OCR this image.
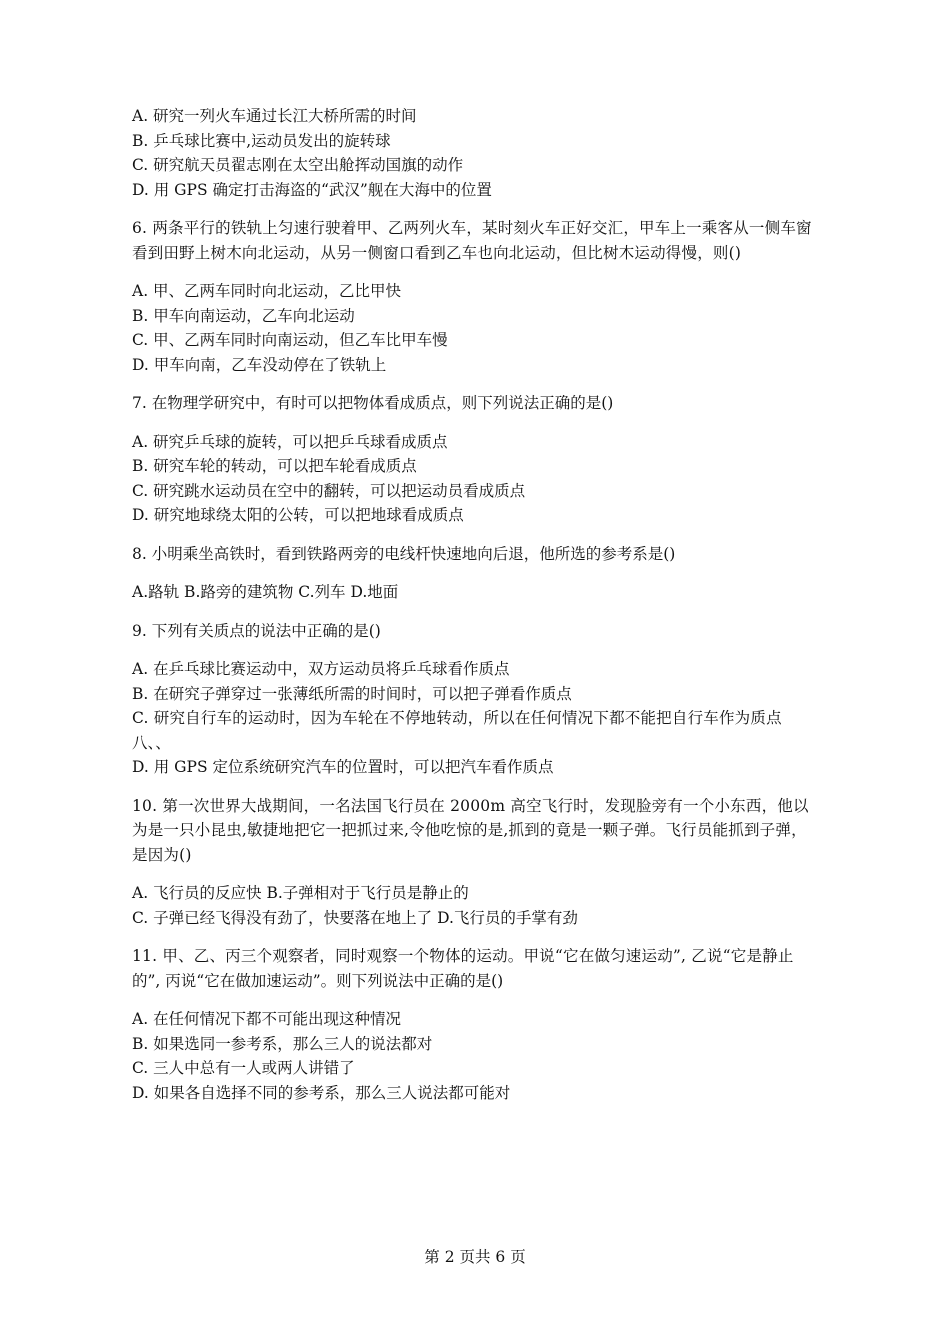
A. 研究一列火车通过长江大桥所需的时间
B. 乒乓球比赛中,运动员发出的旋转球
C. 研究航天员翟志刚在太空出舱挥动国旗的动作
D. 用 GPS 确定打击海盗的“武汉”舰在大海中的位置
6. 两条平行的铁轨上匀速行驶着甲、乙两列火车，某时刻火车正好交汇，甲车上一乘客从一侧车窗看到田野上树木向北运动，从另一侧窗口看到乙车也向北运动，但比树木运动得慢，则()
A. 甲、乙两车同时向北运动，乙比甲快
B. 甲车向南运动，乙车向北运动
C. 甲、乙两车同时向南运动，但乙车比甲车慢
D. 甲车向南，乙车没动停在了铁轨上
7. 在物理学研究中，有时可以把物体看成质点，则下列说法正确的是()
A. 研究乒乓球的旋转，可以把乒乓球看成质点
B. 研究车轮的转动，可以把车轮看成质点
C. 研究跳水运动员在空中的翻转，可以把运动员看成质点
D. 研究地球绕太阳的公转，可以把地球看成质点
8. 小明乘坐高铁时，看到铁路两旁的电线杆快速地向后退，他所选的参考系是()
A.路轨 B.路旁的建筑物 C.列车 D.地面
9. 下列有关质点的说法中正确的是()
A. 在乒乓球比赛运动中，双方运动员将乒乓球看作质点
B. 在研究子弹穿过一张薄纸所需的时间时，可以把子弹看作质点
C. 研究自行车的运动时，因为车轮在不停地转动，所以在任何情况下都不能把自行车作为质点
八、、
D. 用 GPS 定位系统研究汽车的位置时，可以把汽车看作质点
10. 第一次世界大战期间，一名法国飞行员在 2000m 高空飞行时，发现脸旁有一个小东西，他以为是一只小昆虫,敏捷地把它一把抓过来,令他吃惊的是,抓到的竟是一颗子弹。飞行员能抓到子弹，是因为()
A. 飞行员的反应快 B.子弹相对于飞行员是静止的
C. 子弹已经飞得没有劲了，快要落在地上了 D.飞行员的手掌有劲
11. 甲、乙、丙三个观察者，同时观察一个物体的运动。甲说“它在做匀速运动”, 乙说“它是静止
的”, 丙说“它在做加速运动”。则下列说法中正确的是()
A. 在任何情况下都不可能出现这种情况
B. 如果选同一参考系，那么三人的说法都对
C. 三人中总有一人或两人讲错了
D. 如果各自选择不同的参考系，那么三人说法都可能对
第 2 页共 6 页
